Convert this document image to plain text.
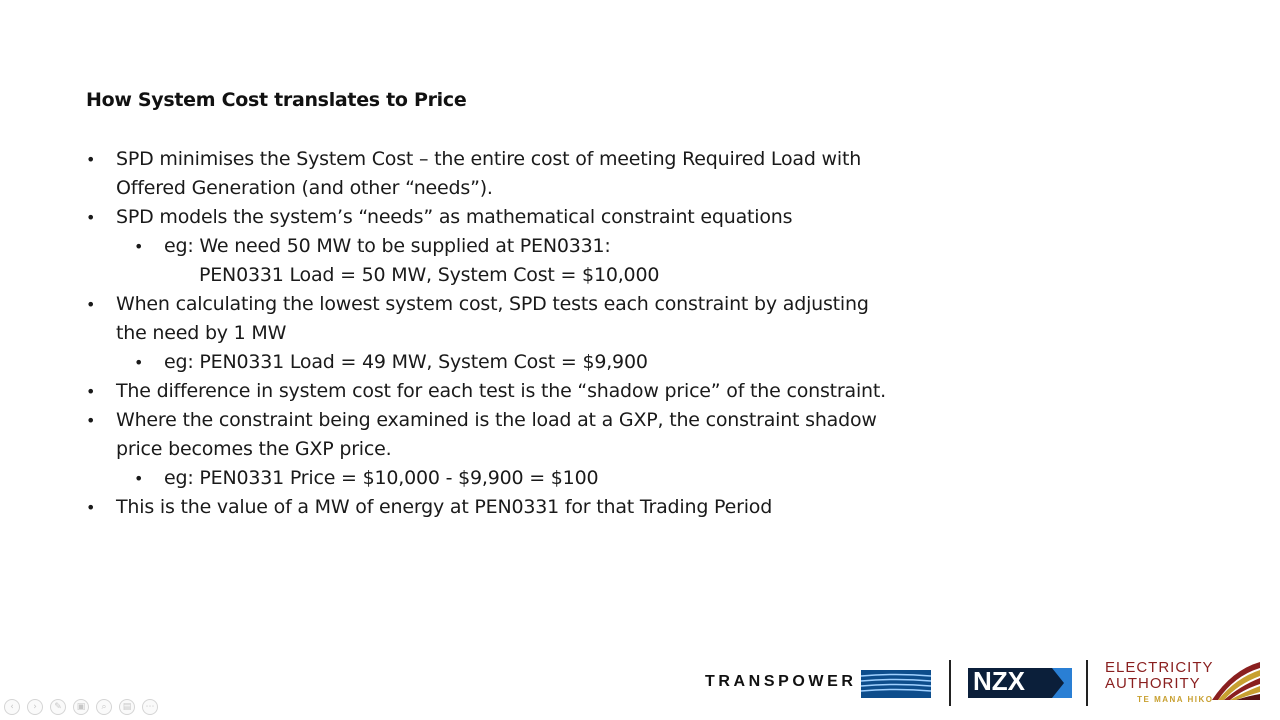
How System Cost translates to Price
• SPD minimises the System Cost – the entire cost of meeting Required Load with
Offered Generation (and other “needs”).
• SPD models the system’s “needs” as mathematical constraint equations
• eg: We need 50 MW to be supplied at PEN0331:
PEN0331 Load = 50 MW, System Cost = $10,000
• When calculating the lowest system cost, SPD tests each constraint by adjusting
the need by 1 MW
• eg: PEN0331 Load = 49 MW, System Cost = $9,900
• The difference in system cost for each test is the “shadow price” of the constraint.
• Where the constraint being examined is the load at a GXP, the constraint shadow
price becomes the GXP price.
• eg: PEN0331 Price = $10,000 - $9,900 = $100
• This is the value of a MW of energy at PEN0331 for that Trading Period
‹ › ✎ ▣ ⌕ ▤ ⋯
TRANSPOWER	NZX	ELECTRICITY
AUTHORITY
TE MANA HIKO
